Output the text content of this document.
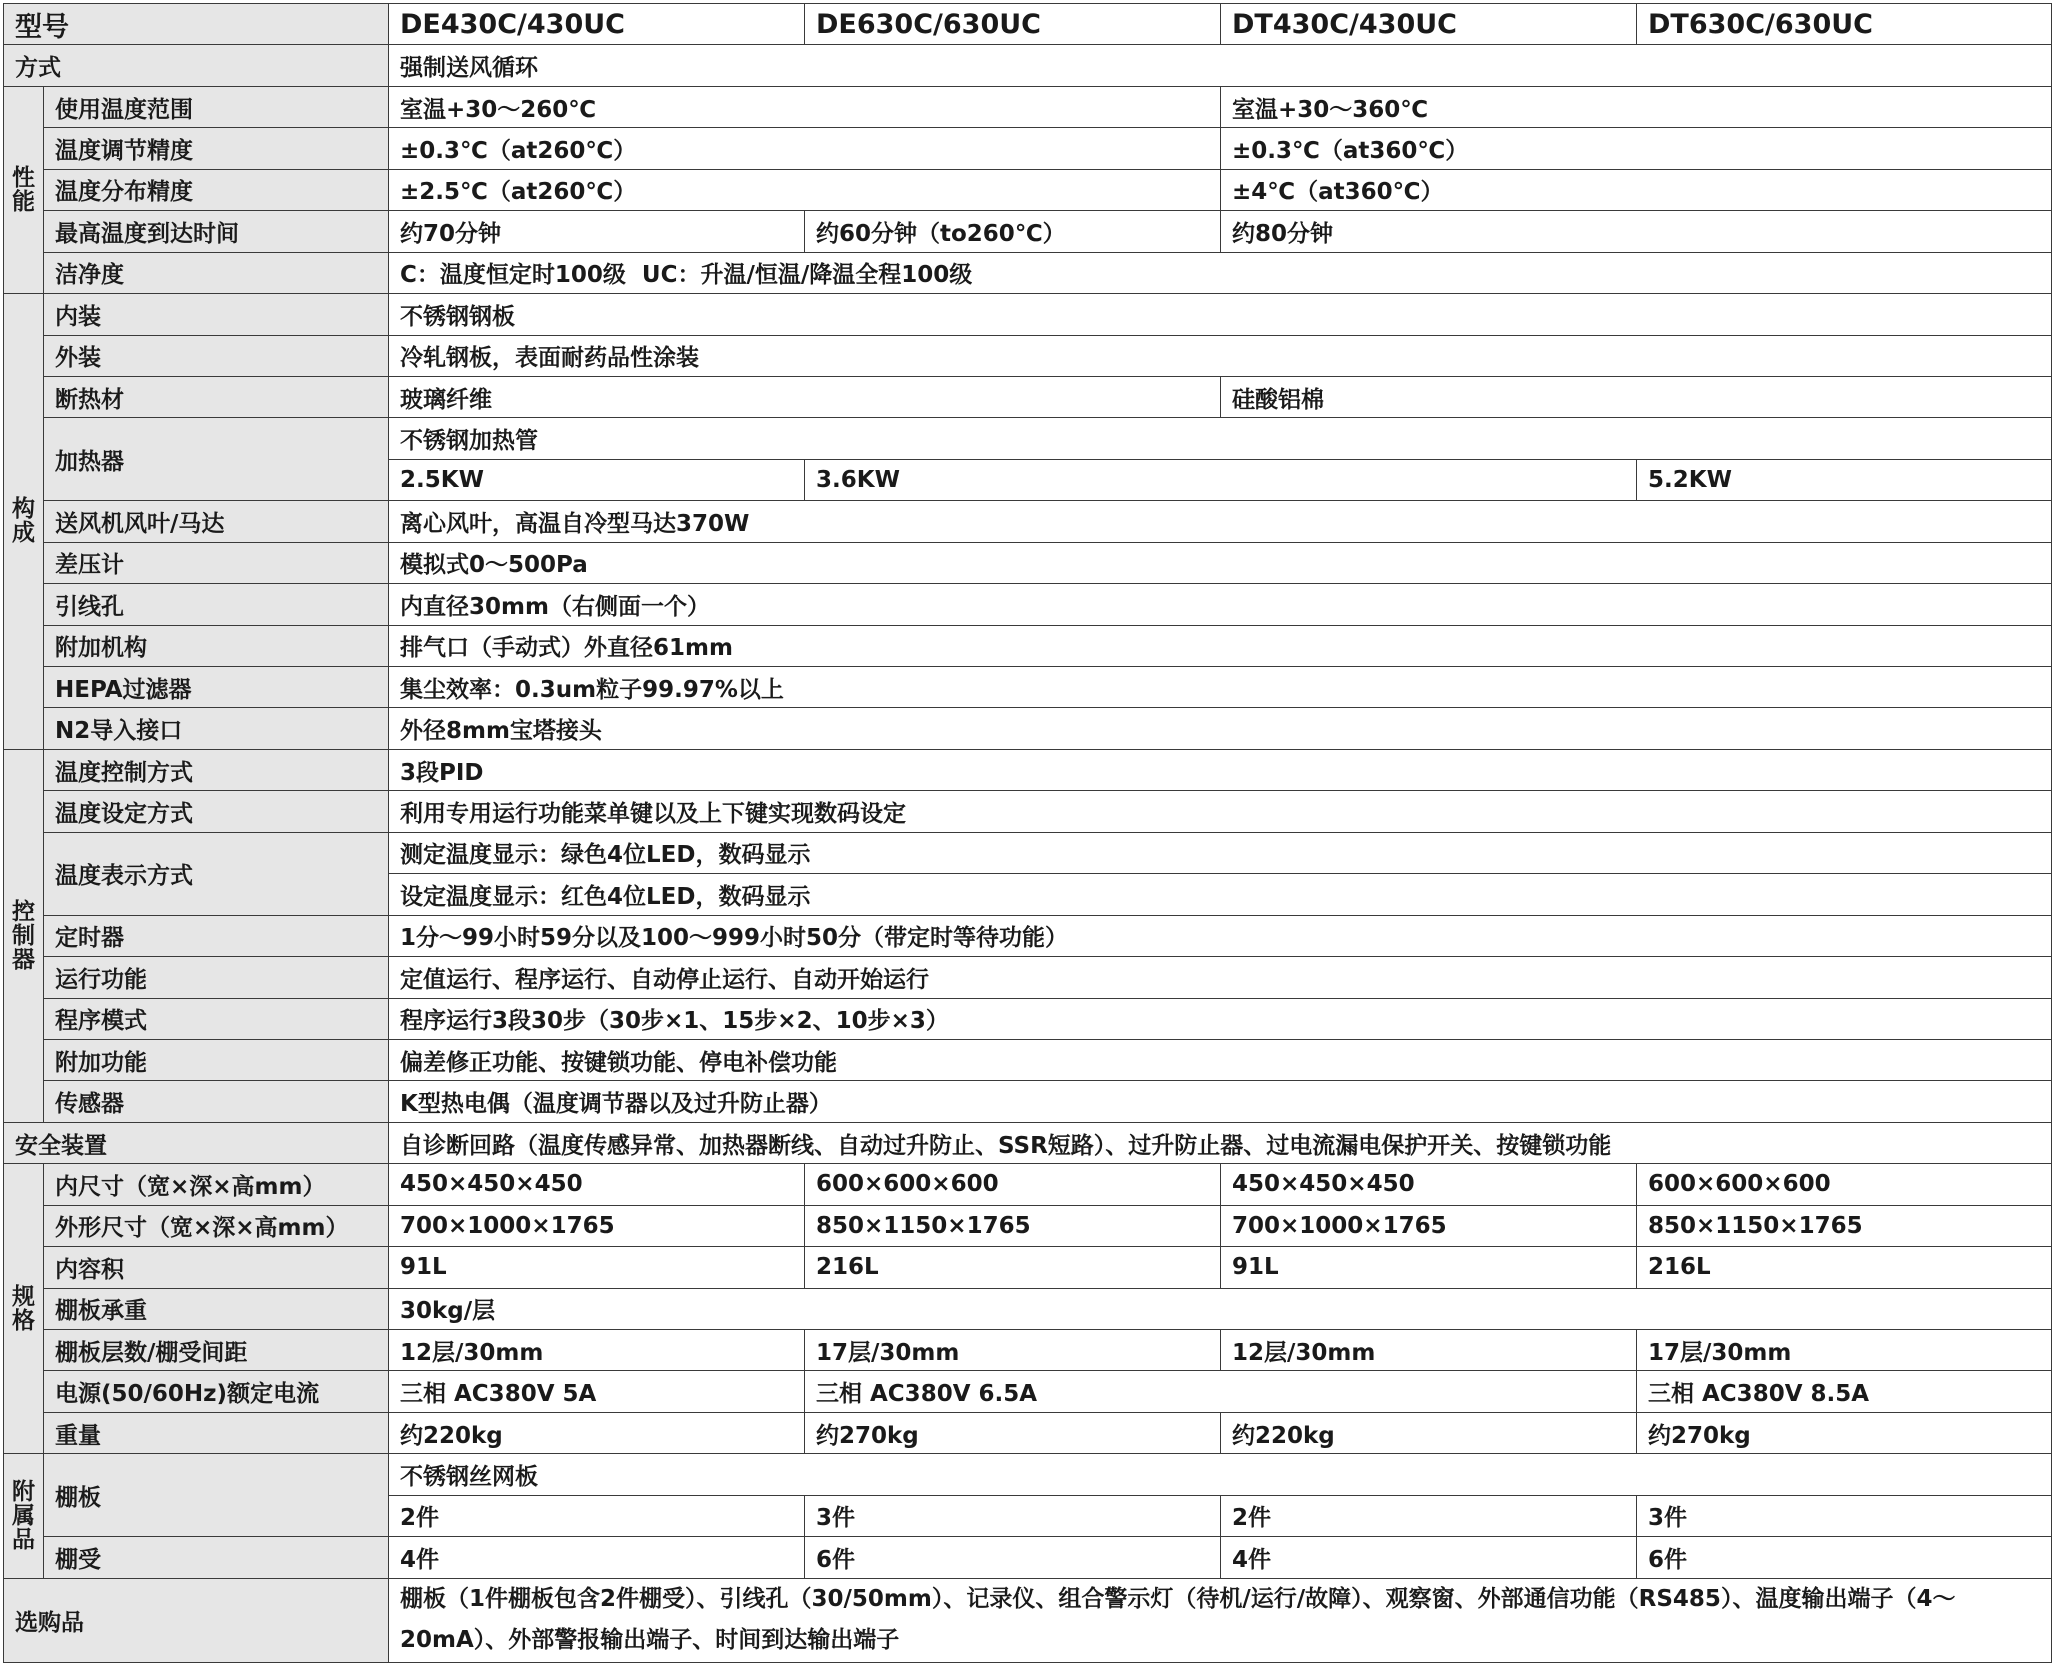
型号		DE430C/430UC	DE630C/630UC	DT430C/430UC	DT630C/630UC
方式		强制送风循环			

性
能	使用温度范围	室温+30～260℃		室温+30～360℃	
	温度调节精度	±0.3℃（at260℃）		±0.3℃（at360℃）	
	温度分布精度	±2.5℃（at260℃）		±4℃（at360℃）	
	最高温度到达时间	约70分钟	约60分钟（to260℃）	约80分钟	
	洁净度	C：温度恒定时100级  UC：升温/恒温/降温全程100级			

构
成	内装	不锈钢钢板			
	外装	冷轧钢板，表面耐药品性涂装			
	断热材	玻璃纤维		硅酸铝棉	
	加热器	不锈钢加热管			
		2.5KW	3.6KW		5.2KW
	送风机风叶/马达	离心风叶，高温自冷型马达370W			
	差压计	模拟式0～500Pa			
	引线孔	内直径30mm（右侧面一个）			
	附加机构	排气口（手动式）外直径61mm			
	HEPA过滤器	集尘效率：0.3um粒子99.97%以上			
	N2导入接口	外径8mm宝塔接头			

控
制
器	温度控制方式	3段PID			
	温度设定方式	利用专用运行功能菜单键以及上下键实现数码设定			
	温度表示方式	测定温度显示：绿色4位LED，数码显示			
		设定温度显示：红色4位LED，数码显示			
	定时器	1分～99小时59分以及100～999小时50分（带定时等待功能）			
	运行功能	定值运行、程序运行、自动停止运行、自动开始运行			
	程序模式	程序运行3段30步（30步×1、15步×2、10步×3）			
	附加功能	偏差修正功能、按键锁功能、停电补偿功能			
	传感器	K型热电偶（温度调节器以及过升防止器）			
安全装置		自诊断回路（温度传感异常、加热器断线、自动过升防止、SSR短路）、过升防止器、过电流漏电保护开关、按键锁功能			

规
格	内尺寸（宽×深×高mm）	450×450×450	600×600×600	450×450×450	600×600×600
	外形尺寸（宽×深×高mm）	700×1000×1765	850×1150×1765	700×1000×1765	850×1150×1765
	内容积	91L	216L	91L	216L
	棚板承重	30kg/层			
	棚板层数/棚受间距	12层/30mm	17层/30mm	12层/30mm	17层/30mm
	电源(50/60Hz)额定电流	三相 AC380V 5A	三相 AC380V 6.5A		三相 AC380V 8.5A
	重量	约220kg	约270kg	约220kg	约270kg

附
属
品	棚板	不锈钢丝网板			
		2件	3件	2件	3件
	棚受	4件	6件	4件	6件
选购品		棚板（1件棚板包含2件棚受）、引线孔（30/50mm）、记录仪、组合警示灯（待机/运行/故障）、观察窗、外部通信功能（RS485）、温度输出端子（4～20mA）、外部警报输出端子、时间到达输出端子			
